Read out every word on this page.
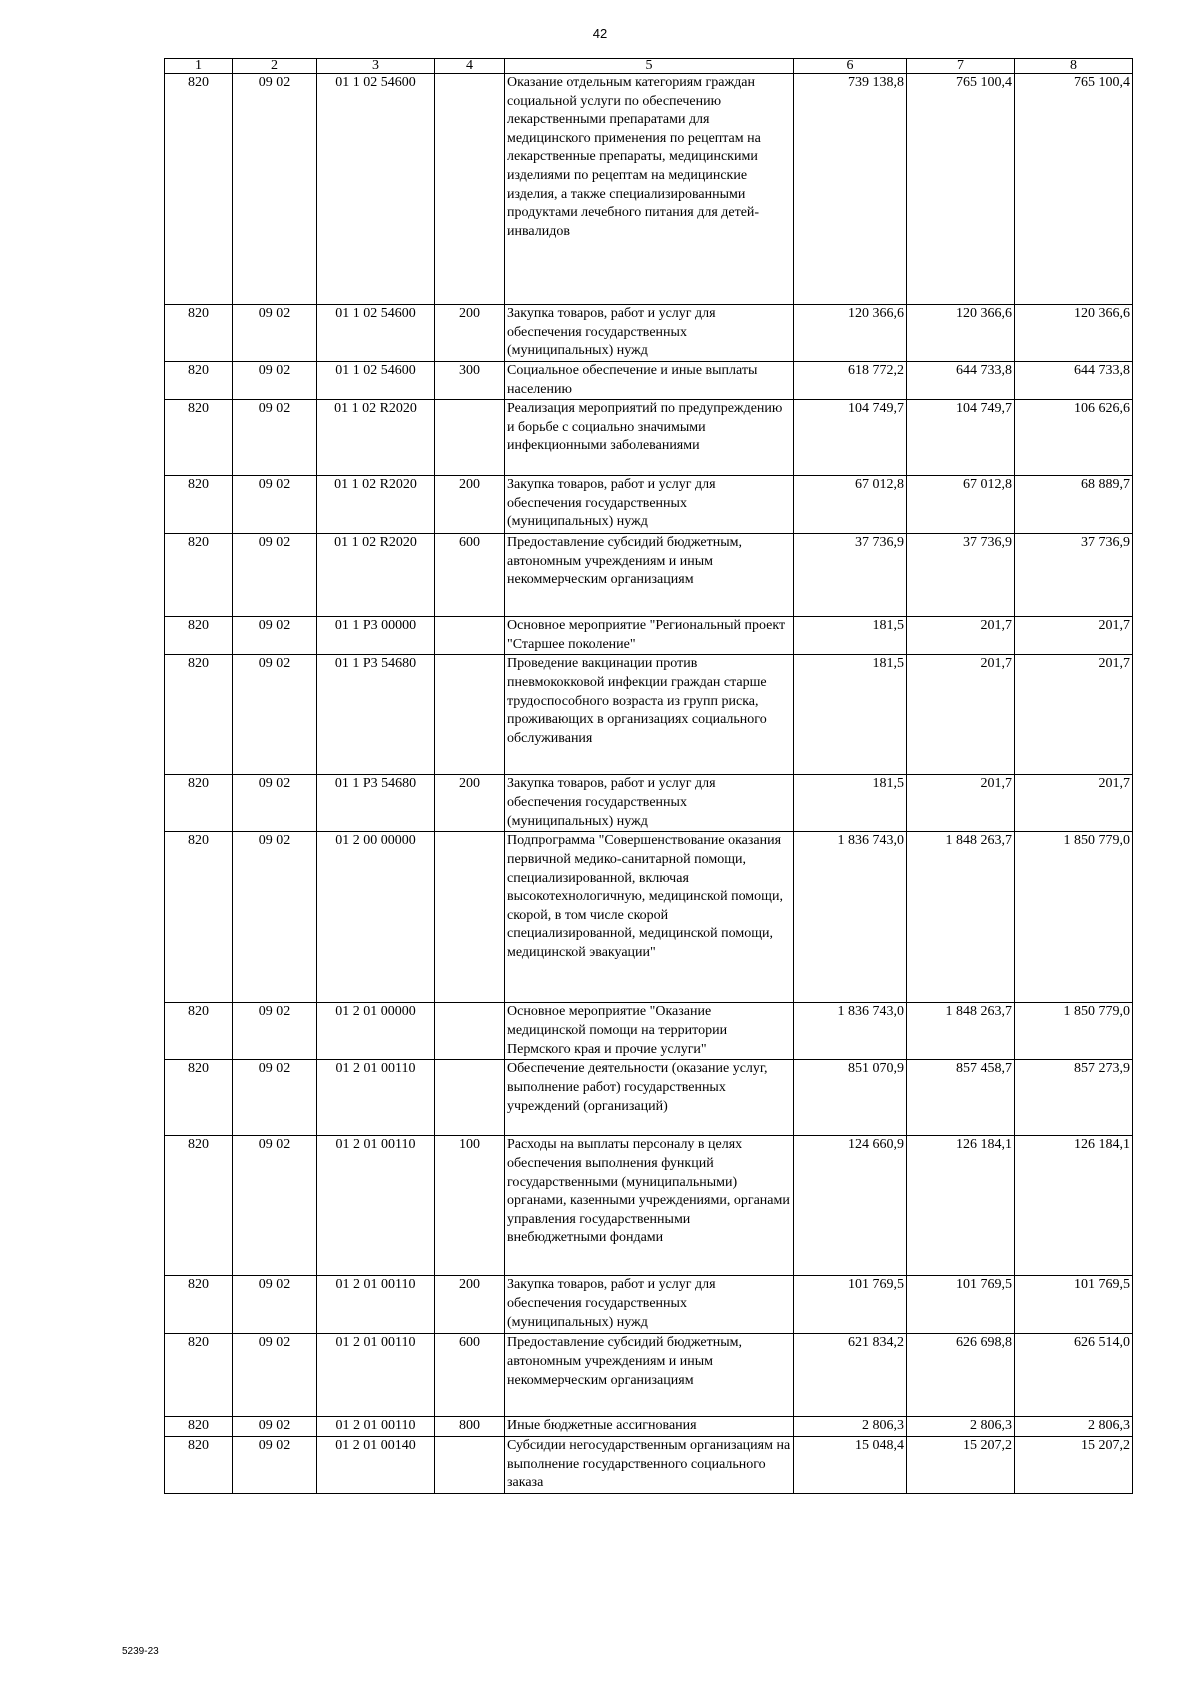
42
1	2	3	4	5	6	7	8
820	09 02	01 1 02 54600		Оказание отдельным категориям граждан социальной услуги по обеспечению лекарственными препаратами для медицинского применения по рецептам на лекарственные препараты, медицинскими изделиями по рецептам на медицинские изделия, а также специализированными продуктами лечебного питания для детей-инвалидов	739 138,8	765 100,4	765 100,4
820	09 02	01 1 02 54600	200	Закупка товаров, работ и услуг для обеспечения государственных (муниципальных) нужд	120 366,6	120 366,6	120 366,6
820	09 02	01 1 02 54600	300	Социальное обеспечение и иные выплаты населению	618 772,2	644 733,8	644 733,8
820	09 02	01 1 02 R2020		Реализация мероприятий по предупреждению и борьбе с социально значимыми инфекционными заболеваниями	104 749,7	104 749,7	106 626,6
820	09 02	01 1 02 R2020	200	Закупка товаров, работ и услуг для обеспечения государственных (муниципальных) нужд	67 012,8	67 012,8	68 889,7
820	09 02	01 1 02 R2020	600	Предоставление субсидий бюджетным, автономным учреждениям и иным некоммерческим организациям	37 736,9	37 736,9	37 736,9
820	09 02	01 1 P3 00000		Основное мероприятие "Региональный проект "Старшее поколение"	181,5	201,7	201,7
820	09 02	01 1 P3 54680		Проведение вакцинации против пневмококковой инфекции граждан старше трудоспособного возраста из групп риска, проживающих в организациях социального обслуживания	181,5	201,7	201,7
820	09 02	01 1 P3 54680	200	Закупка товаров, работ и услуг для обеспечения государственных (муниципальных) нужд	181,5	201,7	201,7
820	09 02	01 2 00 00000		Подпрограмма "Совершенствование оказания первичной медико-санитарной помощи, специализированной, включая высокотехнологичную, медицинской помощи, скорой, в том числе скорой специализированной, медицинской помощи, медицинской эвакуации"	1 836 743,0	1 848 263,7	1 850 779,0
820	09 02	01 2 01 00000		Основное мероприятие "Оказание медицинской помощи на территории Пермского края и прочие услуги"	1 836 743,0	1 848 263,7	1 850 779,0
820	09 02	01 2 01 00110		Обеспечение деятельности (оказание услуг, выполнение работ) государственных учреждений (организаций)	851 070,9	857 458,7	857 273,9
820	09 02	01 2 01 00110	100	Расходы на выплаты персоналу в целях обеспечения выполнения функций государственными (муниципальными) органами, казенными учреждениями, органами управления государственными внебюджетными фондами	124 660,9	126 184,1	126 184,1
820	09 02	01 2 01 00110	200	Закупка товаров, работ и услуг для обеспечения государственных (муниципальных) нужд	101 769,5	101 769,5	101 769,5
820	09 02	01 2 01 00110	600	Предоставление субсидий бюджетным, автономным учреждениям и иным некоммерческим организациям	621 834,2	626 698,8	626 514,0
820	09 02	01 2 01 00110	800	Иные бюджетные ассигнования	2 806,3	2 806,3	2 806,3
820	09 02	01 2 01 00140		Субсидии негосударственным организациям на выполнение государственного социального заказа	15 048,4	15 207,2	15 207,2
5239-23
